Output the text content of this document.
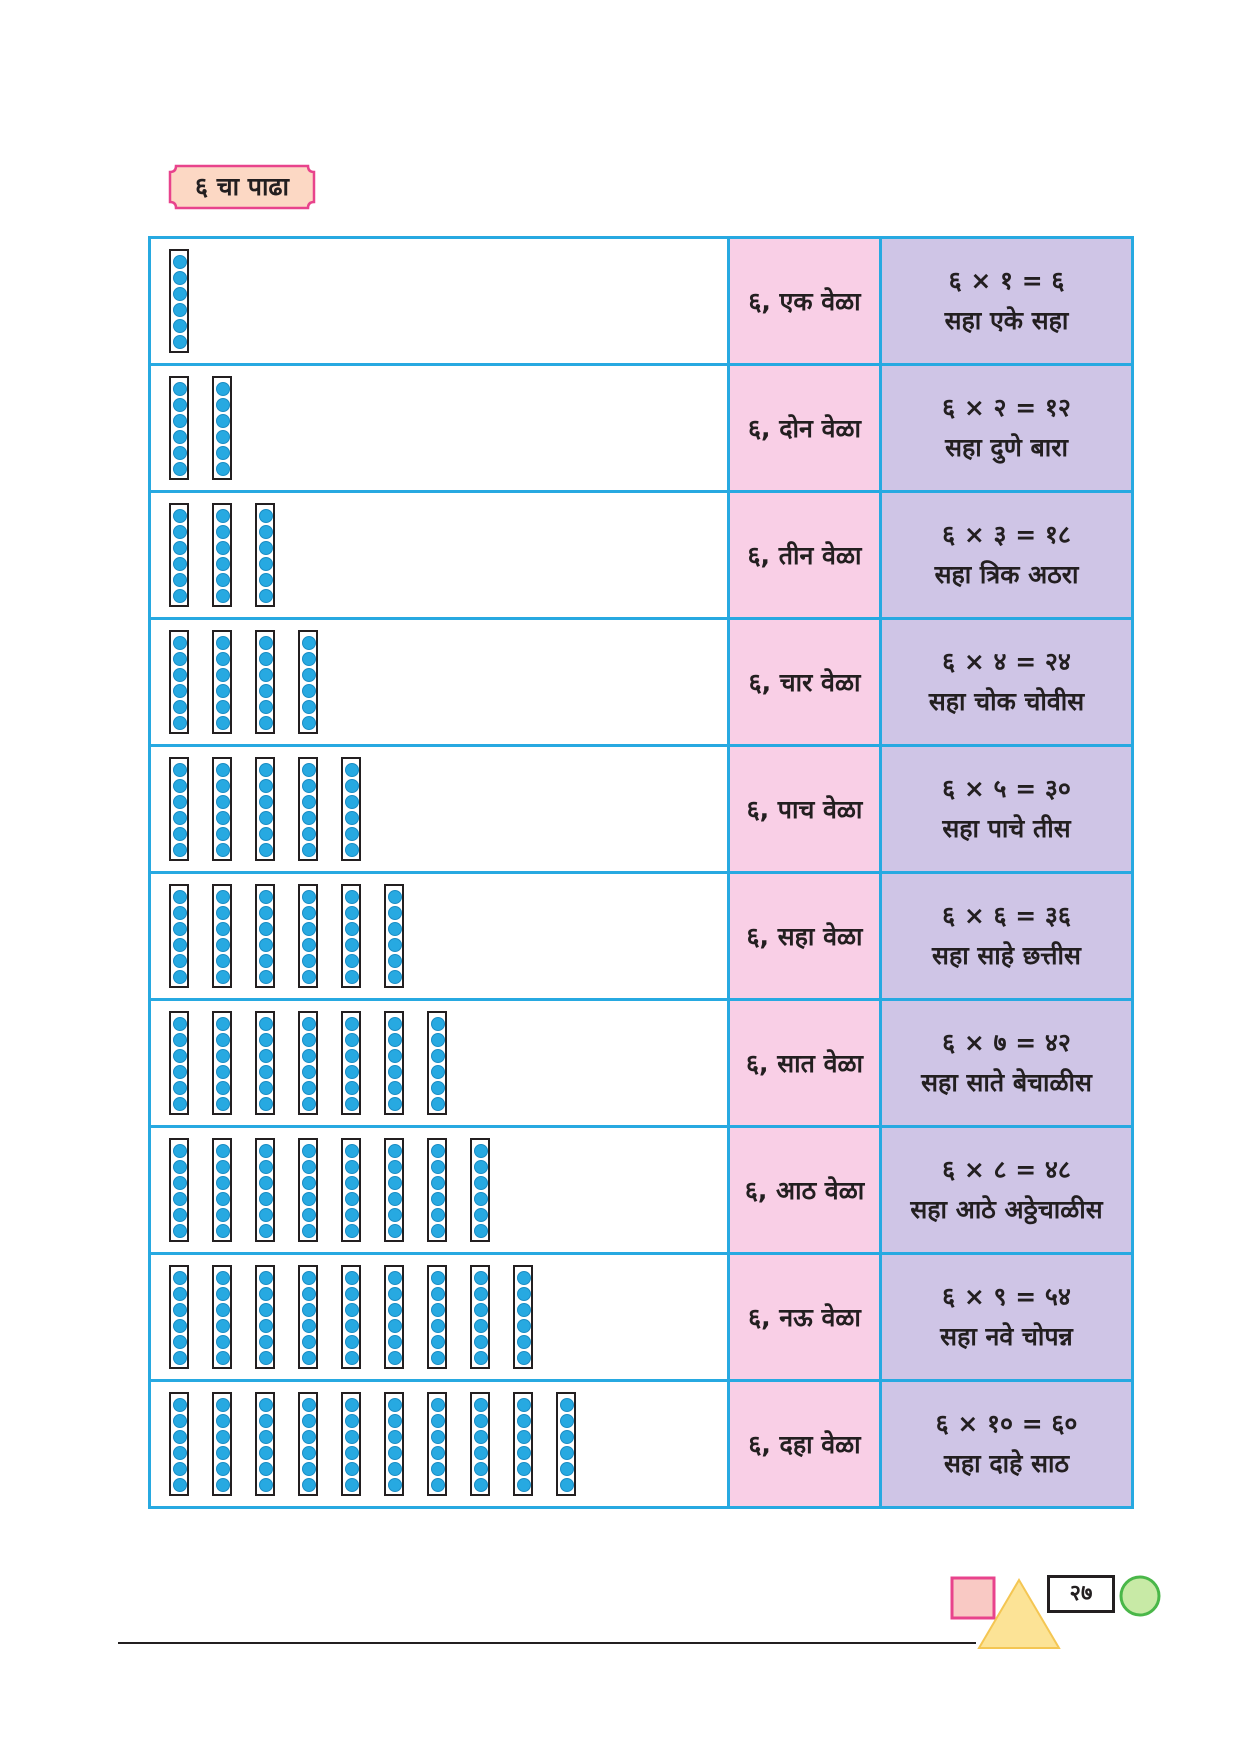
६ चा पाढा
	६, एक वेळा	६ × १ = ६
सहा एके सहा

	६, दोन वेळा	६ × २ = १२
सहा दुणे बारा

	६, तीन वेळा	६ × ३ = १८
सहा त्रिक अठरा

	६, चार वेळा	६ × ४ = २४
सहा चोक चोवीस

	६, पाच वेळा	६ × ५ = ३०
सहा पाचे तीस

	६, सहा वेळा	६ × ६ = ३६
सहा साहे छत्तीस

	६, सात वेळा	६ × ७ = ४२
सहा साते बेचाळीस

	६, आठ वेळा	६ × ८ = ४८
सहा आठे अठ्ठेचाळीस

	६, नऊ वेळा	६ × ९ = ५४
सहा नवे चोपन्न

	६, दहा वेळा	६ × १० = ६०
सहा दाहे साठ
२७
